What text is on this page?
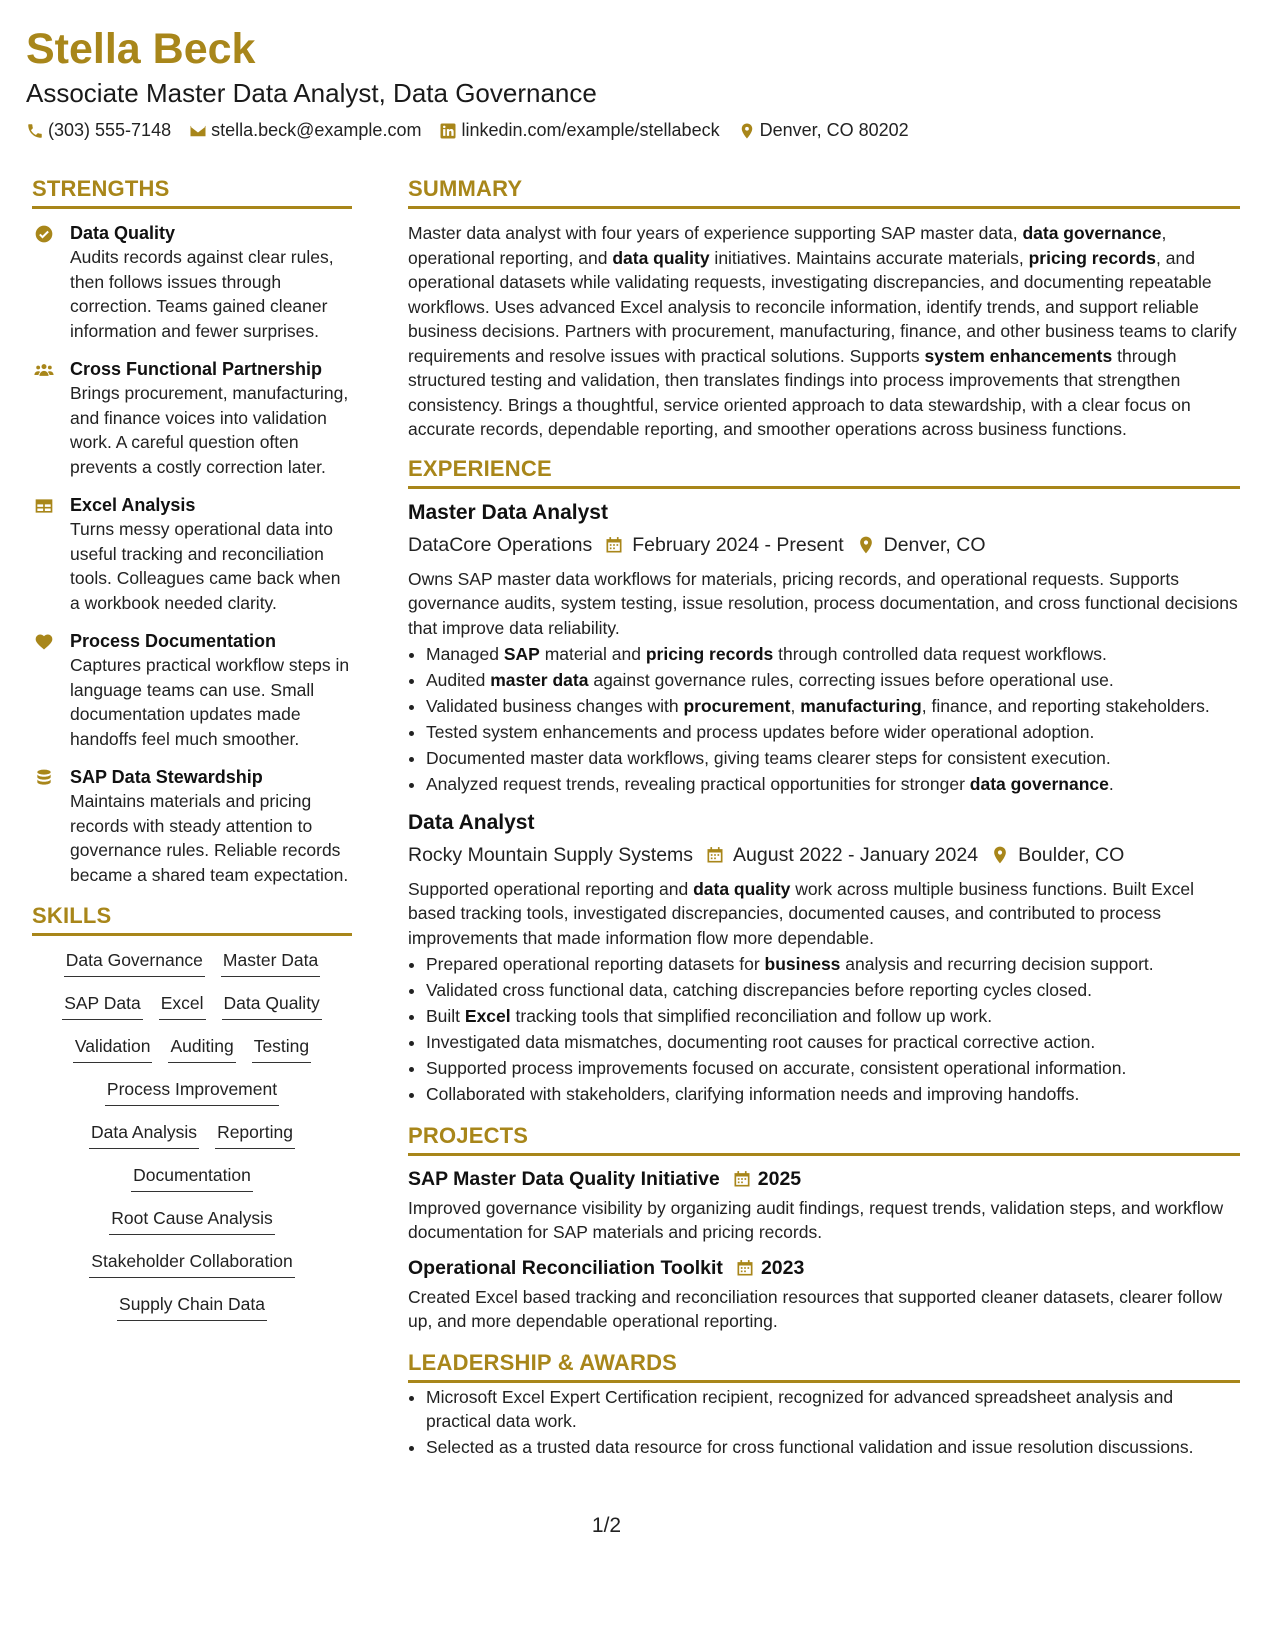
Stella Beck
Associate Master Data Analyst, Data Governance
(303) 555-7148 stella.beck@example.com linkedin.com/example/stellabeck Denver, CO 80202
STRENGTHS
Data Quality
Audits records against clear rules, then follows issues through correction. Teams gained cleaner information and fewer surprises.
Cross Functional Partnership
Brings procurement, manufacturing, and finance voices into validation work. A careful question often prevents a costly correction later.
Excel Analysis
Turns messy operational data into useful tracking and reconciliation tools. Colleagues came back when a workbook needed clarity.
Process Documentation
Captures practical workflow steps in language teams can use. Small documentation updates made handoffs feel much smoother.
SAP Data Stewardship
Maintains materials and pricing records with steady attention to governance rules. Reliable records became a shared team expectation.
SKILLS
Data Governance Master Data
SAP Data Excel Data Quality
Validation Auditing Testing
Process Improvement
Data Analysis Reporting
Documentation
Root Cause Analysis
Stakeholder Collaboration
Supply Chain Data
SUMMARY
Master data analyst with four years of experience supporting SAP master data, data governance, operational reporting, and data quality initiatives. Maintains accurate materials, pricing records, and operational datasets while validating requests, investigating discrepancies, and documenting repeatable workflows. Uses advanced Excel analysis to reconcile information, identify trends, and support reliable business decisions. Partners with procurement, manufacturing, finance, and other business teams to clarify requirements and resolve issues with practical solutions. Supports system enhancements through structured testing and validation, then translates findings into process improvements that strengthen consistency. Brings a thoughtful, service oriented approach to data stewardship, with a clear focus on accurate records, dependable reporting, and smoother operations across business functions.
EXPERIENCE
Master Data Analyst
DataCore Operations February 2024 - Present Denver, CO
Owns SAP master data workflows for materials, pricing records, and operational requests. Supports governance audits, system testing, issue resolution, process documentation, and cross functional decisions that improve data reliability.
• Managed SAP material and pricing records through controlled data request workflows.
• Audited master data against governance rules, correcting issues before operational use.
• Validated business changes with procurement, manufacturing, finance, and reporting stakeholders.
• Tested system enhancements and process updates before wider operational adoption.
• Documented master data workflows, giving teams clearer steps for consistent execution.
• Analyzed request trends, revealing practical opportunities for stronger data governance.
Data Analyst
Rocky Mountain Supply Systems August 2022 - January 2024 Boulder, CO
Supported operational reporting and data quality work across multiple business functions. Built Excel based tracking tools, investigated discrepancies, documented causes, and contributed to process improvements that made information flow more dependable.
• Prepared operational reporting datasets for business analysis and recurring decision support.
• Validated cross functional data, catching discrepancies before reporting cycles closed.
• Built Excel tracking tools that simplified reconciliation and follow up work.
• Investigated data mismatches, documenting root causes for practical corrective action.
• Supported process improvements focused on accurate, consistent operational information.
• Collaborated with stakeholders, clarifying information needs and improving handoffs.
PROJECTS
SAP Master Data Quality Initiative 2025
Improved governance visibility by organizing audit findings, request trends, validation steps, and workflow documentation for SAP materials and pricing records.
Operational Reconciliation Toolkit 2023
Created Excel based tracking and reconciliation resources that supported cleaner datasets, clearer follow up, and more dependable operational reporting.
LEADERSHIP & AWARDS
• Microsoft Excel Expert Certification recipient, recognized for advanced spreadsheet analysis and practical data work.
• Selected as a trusted data resource for cross functional validation and issue resolution discussions.
1/2
